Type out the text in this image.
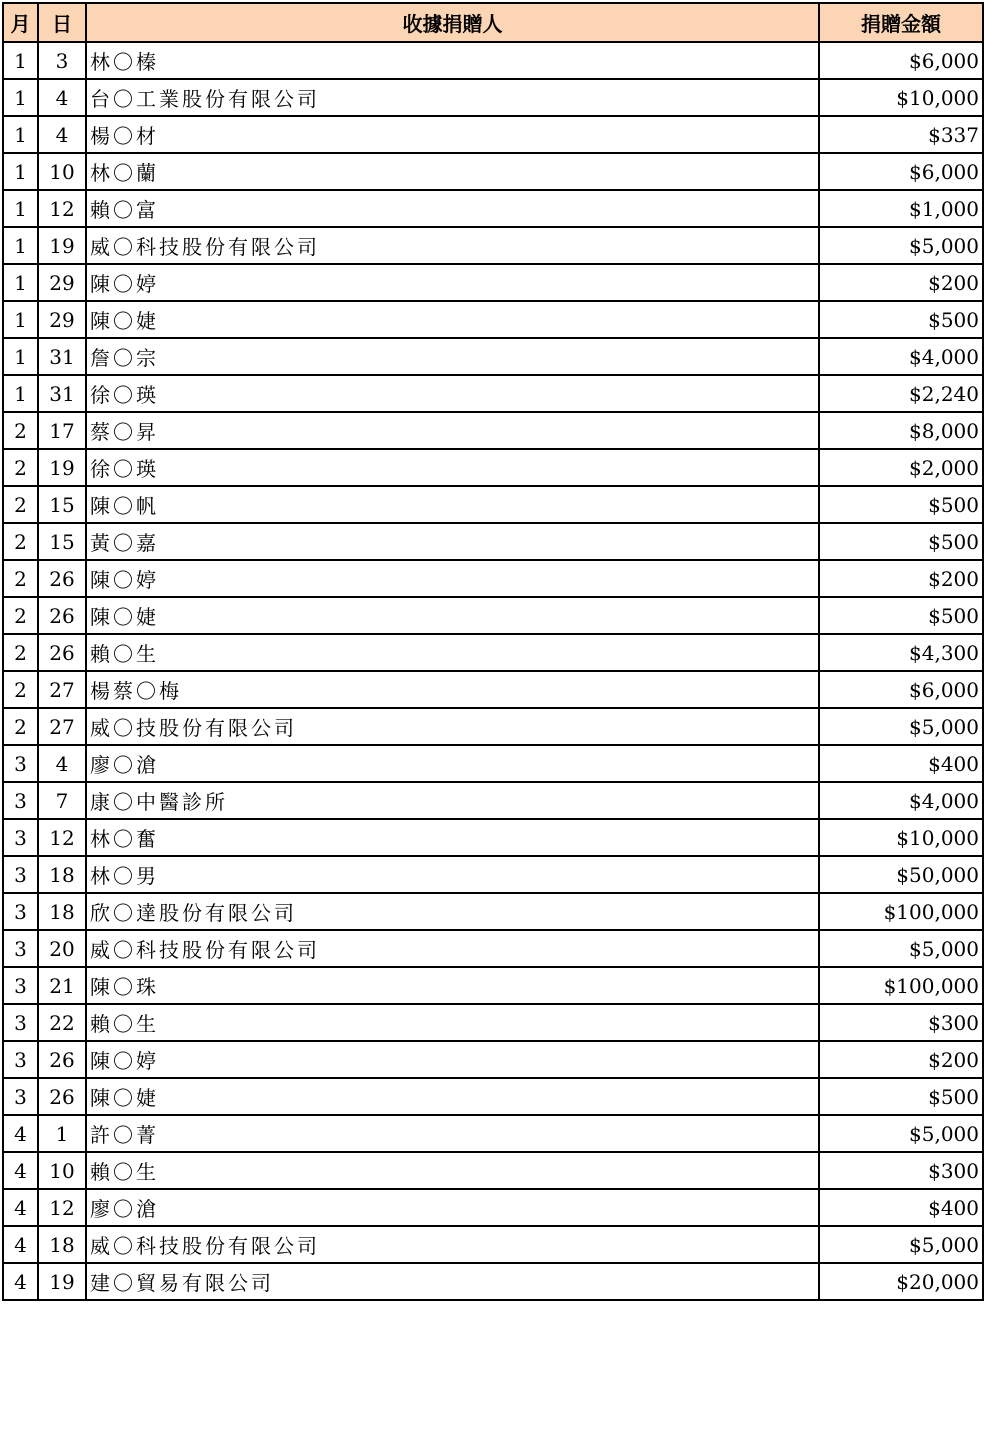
月	日	收據捐贈人	捐贈金額
1	3	林〇榛	$6,000
1	4	台〇工業股份有限公司	$10,000
1	4	楊〇材	$337
1	10	林〇蘭	$6,000
1	12	賴〇富	$1,000
1	19	威〇科技股份有限公司	$5,000
1	29	陳〇婷	$200
1	29	陳〇婕	$500
1	31	詹〇宗	$4,000
1	31	徐〇瑛	$2,240
2	17	蔡〇昇	$8,000
2	19	徐〇瑛	$2,000
2	15	陳〇帆	$500
2	15	黃〇嘉	$500
2	26	陳〇婷	$200
2	26	陳〇婕	$500
2	26	賴〇生	$4,300
2	27	楊蔡〇梅	$6,000
2	27	威〇技股份有限公司	$5,000
3	4	廖〇滄	$400
3	7	康〇中醫診所	$4,000
3	12	林〇奮	$10,000
3	18	林〇男	$50,000
3	18	欣〇達股份有限公司	$100,000
3	20	威〇科技股份有限公司	$5,000
3	21	陳〇珠	$100,000
3	22	賴〇生	$300
3	26	陳〇婷	$200
3	26	陳〇婕	$500
4	1	許〇菁	$5,000
4	10	賴〇生	$300
4	12	廖〇滄	$400
4	18	威〇科技股份有限公司	$5,000
4	19	建〇貿易有限公司	$20,000
